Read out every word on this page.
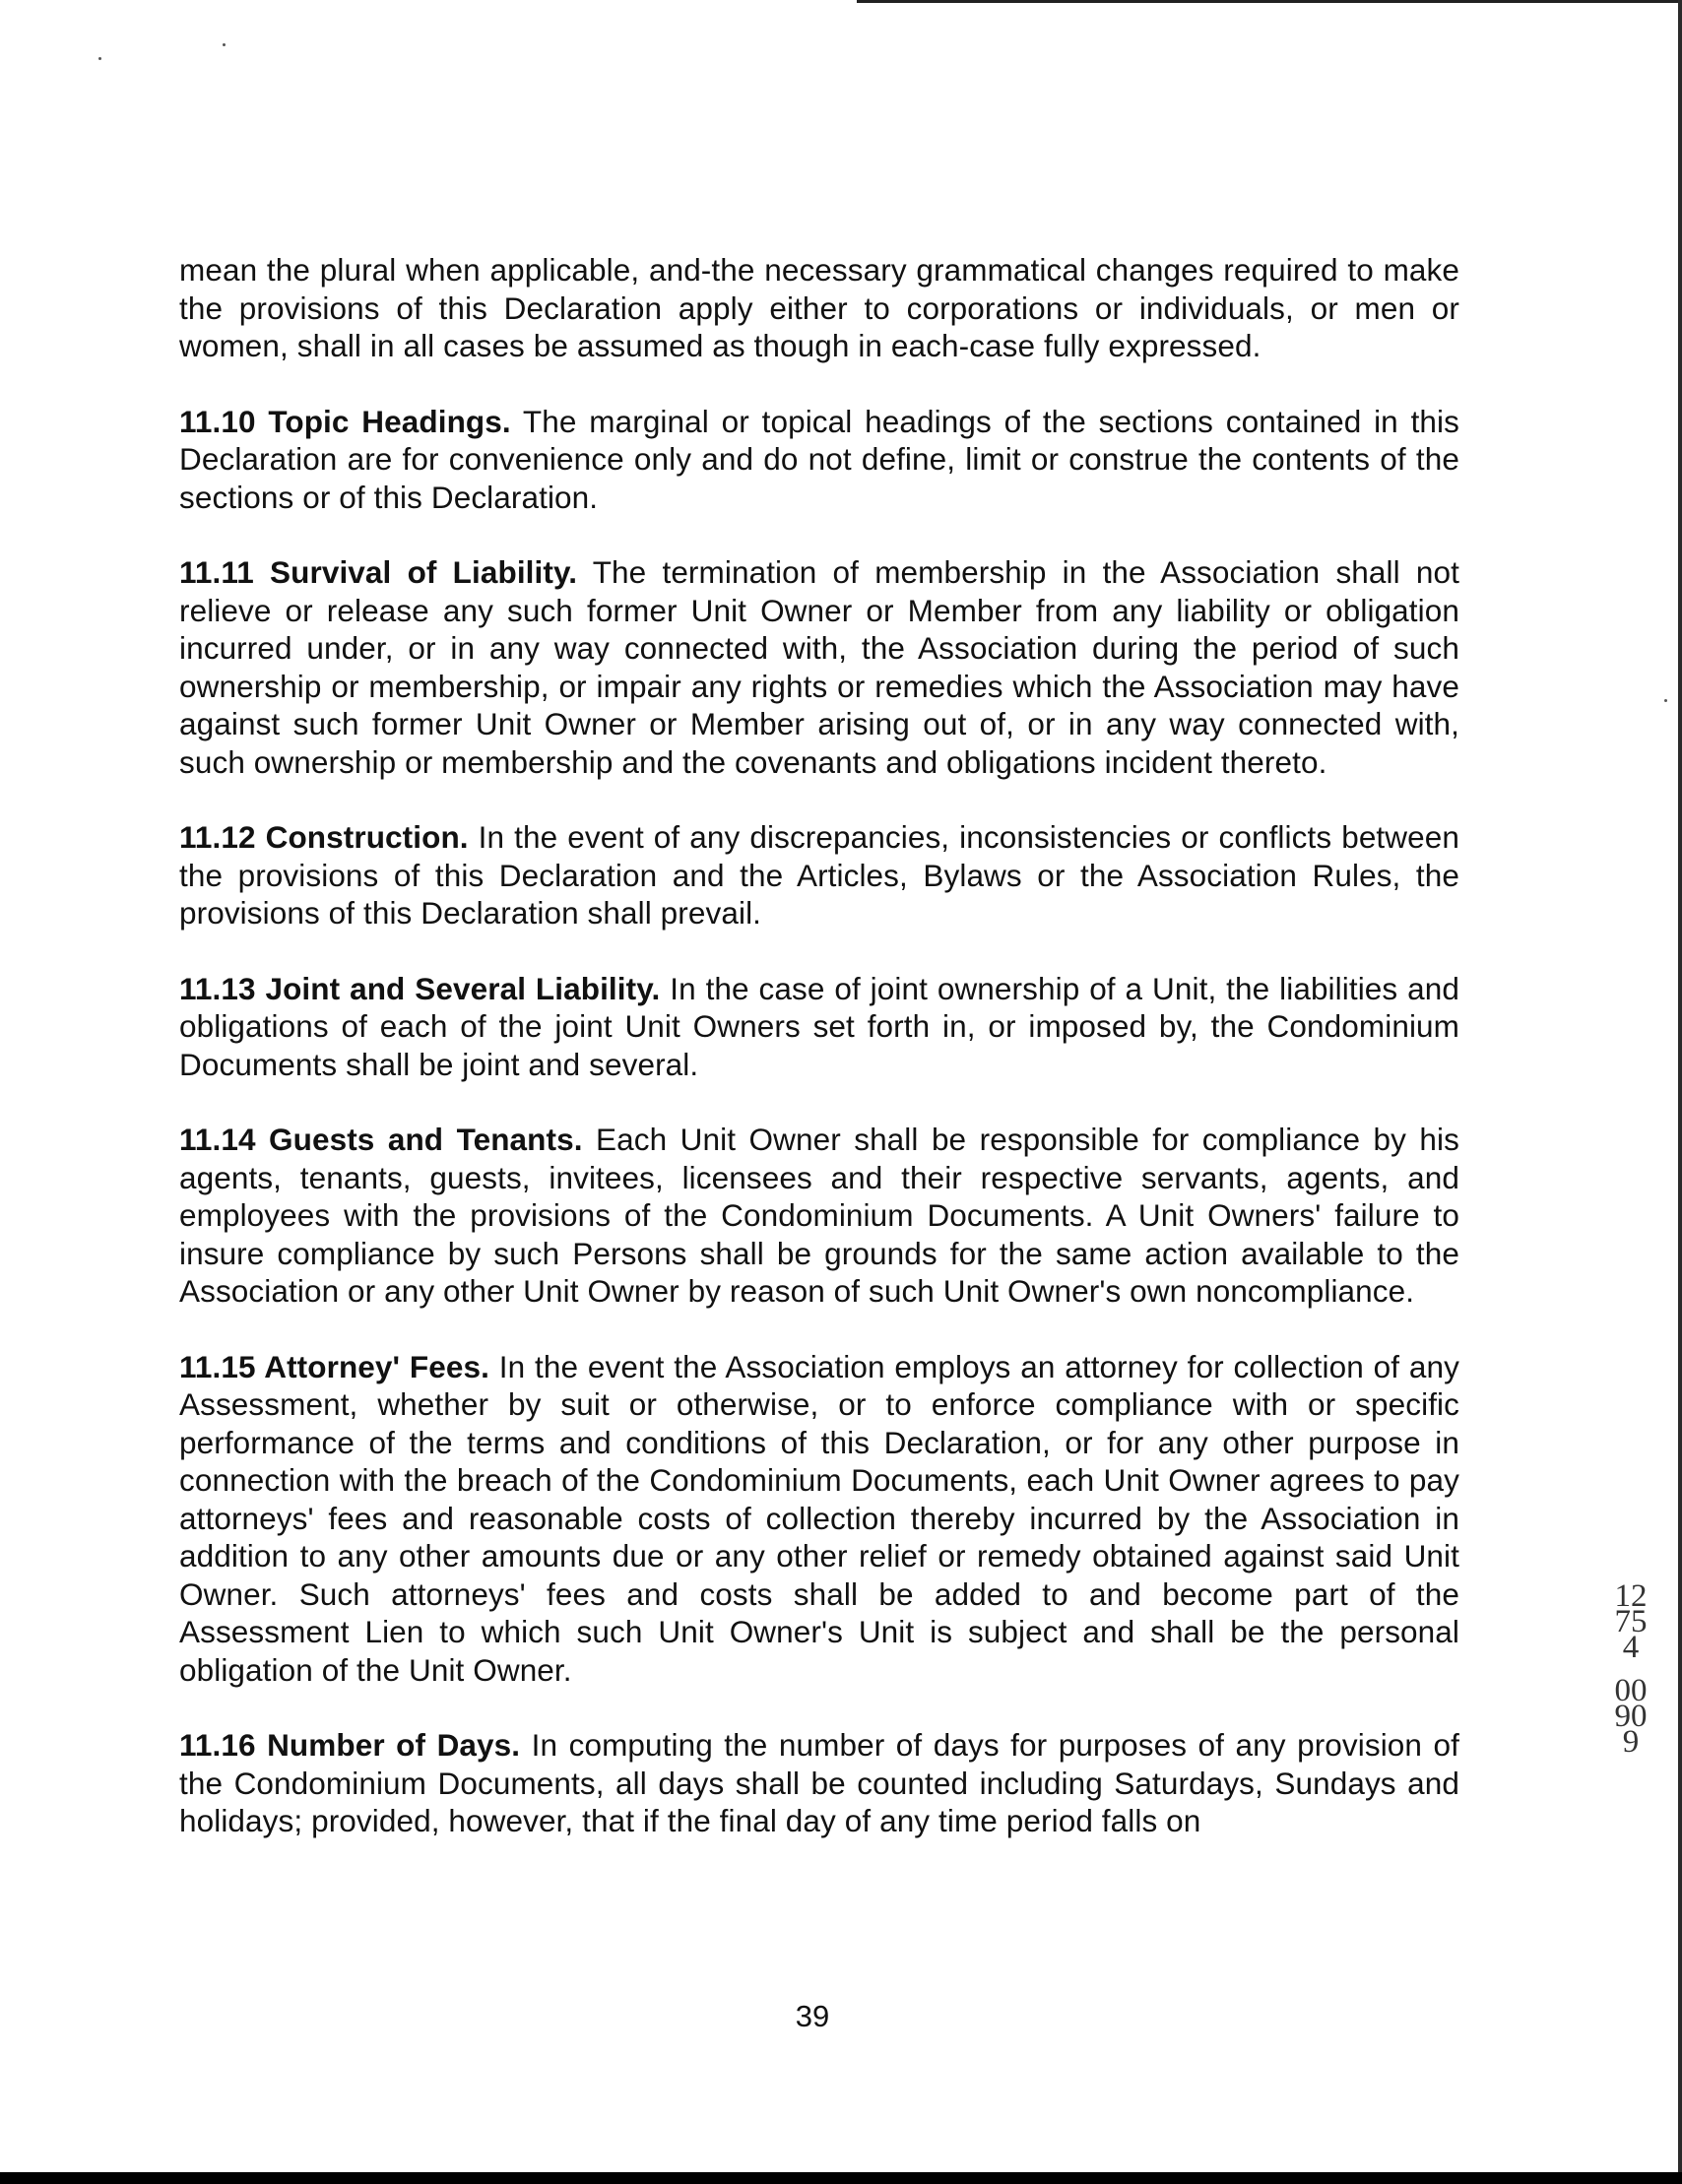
mean the plural when applicable, and-the necessary grammatical changes required to make the provisions of this Declaration apply either to corporations or individuals, or men or women, shall in all cases be assumed as though in each-case fully expressed.

11.10 Topic Headings. The marginal or topical headings of the sections contained in this Declaration are for convenience only and do not define, limit or construe the contents of the sections or of this Declaration.

11.11 Survival of Liability. The termination of membership in the Association shall not relieve or release any such former Unit Owner or Member from any liability or obligation incurred under, or in any way connected with, the Association during the period of such ownership or membership, or impair any rights or remedies which the Association may have against such former Unit Owner or Member arising out of, or in any way connected with, such ownership or membership and the covenants and obligations incident thereto.

11.12 Construction. In the event of any discrepancies, inconsistencies or conflicts between the provisions of this Declaration and the Articles, Bylaws or the Association Rules, the provisions of this Declaration shall prevail.

11.13 Joint and Several Liability. In the case of joint ownership of a Unit, the liabilities and obligations of each of the joint Unit Owners set forth in, or imposed by, the Condominium Documents shall be joint and several.

11.14 Guests and Tenants. Each Unit Owner shall be responsible for compliance by his agents, tenants, guests, invitees, licensees and their respective servants, agents, and employees with the provisions of the Condominium Documents. A Unit Owners' failure to insure compliance by such Persons shall be grounds for the same action available to the Association or any other Unit Owner by reason of such Unit Owner's own noncompliance.

11.15 Attorney' Fees. In the event the Association employs an attorney for collection of any Assessment, whether by suit or otherwise, or to enforce compliance with or specific performance of the terms and conditions of this Declaration, or for any other purpose in connection with the breach of the Condominium Documents, each Unit Owner agrees to pay attorneys' fees and reasonable costs of collection thereby incurred by the Association in addition to any other amounts due or any other relief or remedy obtained against said Unit Owner. Such attorneys' fees and costs shall be added to and become part of the Assessment Lien to which such Unit Owner's Unit is subject and shall be the personal obligation of the Unit Owner.

11.16 Number of Days. In computing the number of days for purposes of any provision of the Condominium Documents, all days shall be counted including Saturdays, Sundays and holidays; provided, however, that if the final day of any time period falls on

39
12754
00909
